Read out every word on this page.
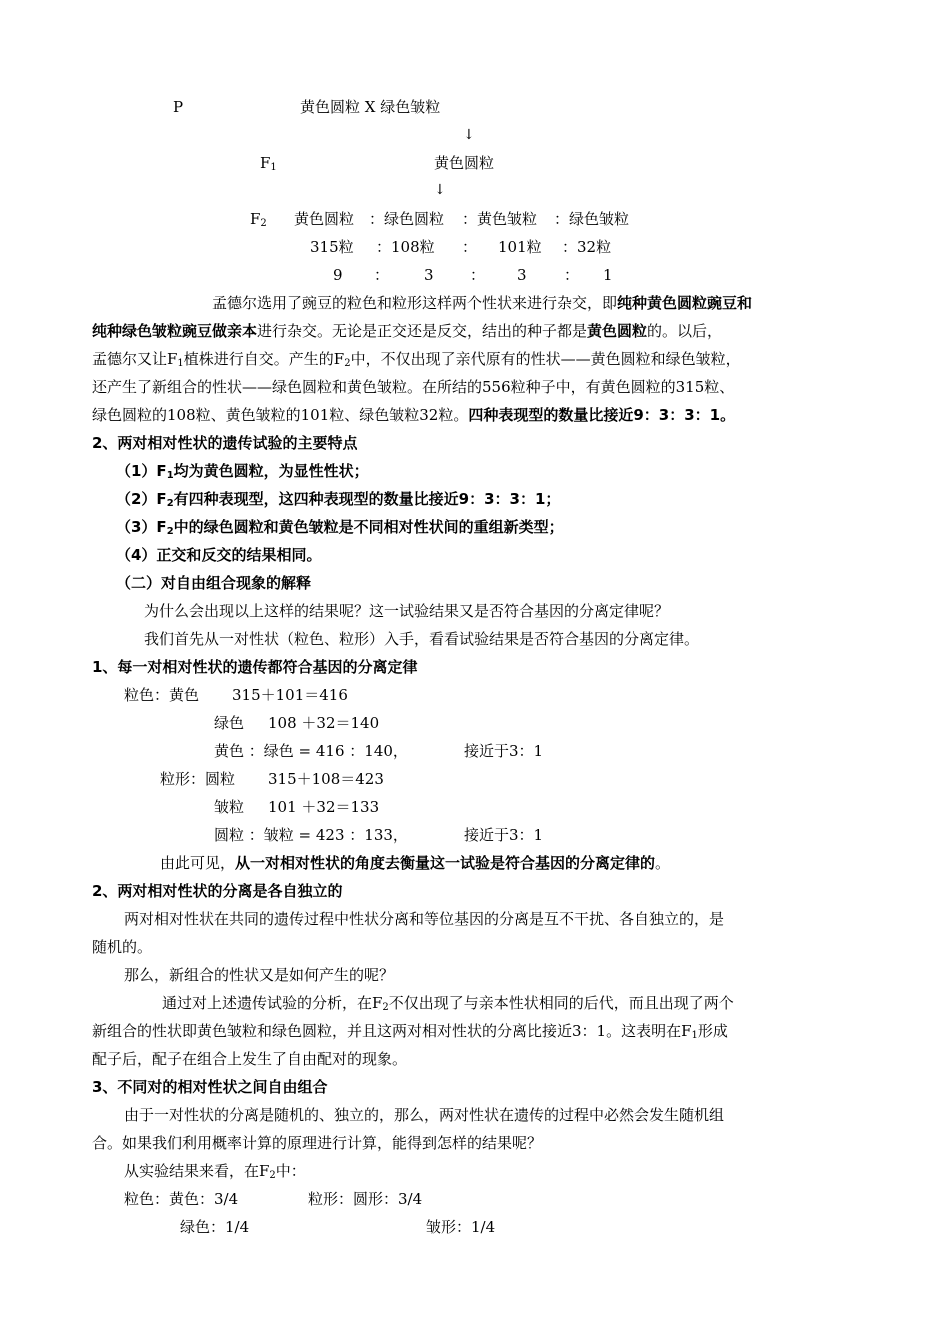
P	黄色圆粒 X 绿色皱粒
↓
$F_1$	黄色圆粒
↓
$F_2$ 黄色圆粒 ：绿色圆粒 ：黄色皱粒 ：绿色皱粒
315粒 ：108粒 ： 101粒 ：32粒
9 ： 3 ： 3 ： 1
孟德尔选用了豌豆的粒色和粒形这样两个性状来进行杂交，即纯种黄色圆粒豌豆和
纯种绿色皱粒豌豆做亲本进行杂交。无论是正交还是反交，结出的种子都是黄色圆粒的。以后，
孟德尔又让$F_1$植株进行自交。产生的$F_2$中，不仅出现了亲代原有的性状——黄色圆粒和绿色皱粒，
还产生了新组合的性状——绿色圆粒和黄色皱粒。在所结的556粒种子中，有黄色圆粒的315粒、
绿色圆粒的108粒、黄色皱粒的101粒、绿色皱粒32粒。四种表现型的数量比接近9：3：3：1。
2、两对相对性状的遗传试验的主要特点
$(1)F_1$均为黄色圆粒，为显性性状；
$(2)F_2$有四种表现型，这四种表现型的数量比接近9：3：3：1；
$(3)F_2$中的绿色圆粒和黄色皱粒是不同相对性状间的重组新类型；
（4）正交和反交的结果相同。
（二）对自由组合现象的解释
为什么会出现以上这样的结果呢？这一试验结果又是否符合基因的分离定律呢？
我们首先从一对性状（粒色、粒形）入手，看看试验结果是否符合基因的分离定律。
1、每一对相对性状的遗传都符合基因的分离定律
粒色：黄色 315＋101＝416
绿色 108 ＋32＝140
黄色 ：绿色 = 416 ：140，	接近于3：1
粒形：圆粒 315＋108＝423
皱粒 101 ＋32＝133
圆粒 ：皱粒 = 423 ：133，	接近于3：1
由此可见，从一对相对性状的角度去衡量这一试验是符合基因的分离定律的。
2、两对相对性状的分离是各自独立的
两对相对性状在共同的遗传过程中性状分离和等位基因的分离是互不干扰、各自独立的，是
随机的。
那么，新组合的性状又是如何产生的呢？
通过对上述遗传试验的分析，在$F_2$不仅出现了与亲本性状相同的后代，而且出现了两个
新组合的性状即黄色皱粒和绿色圆粒，并且这两对相对性状的分离比接近3：1。这表明在$F_1$形成
配子后，配子在组合上发生了自由配对的现象。
3、不同对的相对性状之间自由组合
由于一对性状的分离是随机的、独立的，那么，两对性状在遗传的过程中必然会发生随机组
合。如果我们利用概率计算的原理进行计算，能得到怎样的结果呢？
从实验结果来看，在$F_2$中：
粒色：黄色：3/4	粒形：圆形：3/4
绿色：1/4	皱形：1/4
